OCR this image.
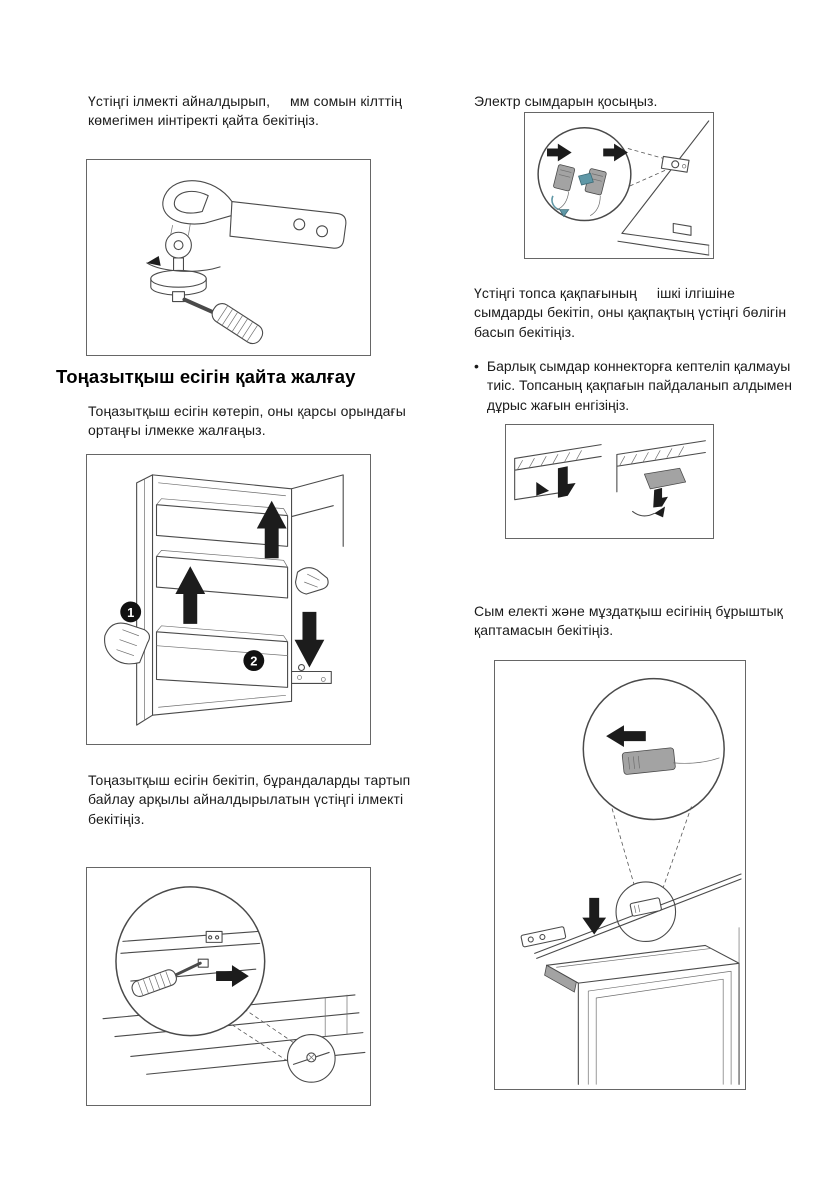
Үстіңгі ілмекті айналдырып,     мм сомын кілттің көмегімен иінтіректі қайта бекітіңіз.

Тоңазытқыш есігін қайта жалғау

Тоңазытқыш есігін көтеріп, оны қарсы орындағы ортаңғы ілмекке жалғаңыз.

1
2

Тоңазытқыш есігін бекітіп, бұрандаларды тартып байлау арқылы айналдырылатын үстіңгі ілмекті бекітіңіз.

Электр сымдарын қосыңыз.

Үстіңгі топса қақпағының     ішкі ілгішіне сымдарды бекітіп, оны қақпақтың үстіңгі бөлігін басып бекітіңіз.

• Барлық сымдар коннекторға кептеліп қалмауы тиіс. Топсаның қақпағын пайдаланып алдымен дұрыс жағын енгізіңіз.

Сым електі және мұздатқыш есігінің бұрыштық қаптамасын бекітіңіз.
